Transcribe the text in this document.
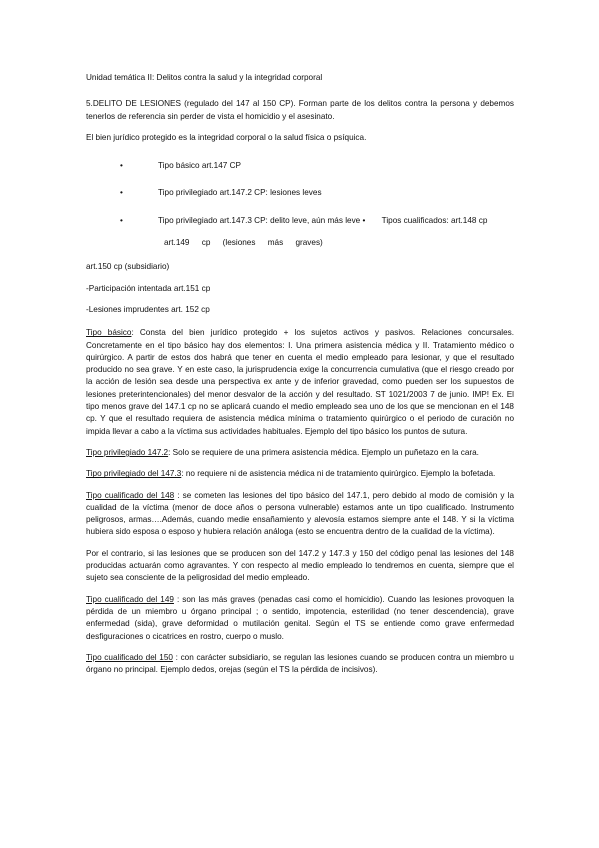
Unidad temática II: Delitos contra la salud y la integridad corporal

5.DELITO DE LESIONES (regulado del 147 al 150 CP). Forman parte de los delitos contra la persona y debemos tenerlos de referencia sin perder de vista el homicidio y el asesinato.

El bien jurídico protegido es la integridad corporal o la salud física o psíquica.

•	Tipo básico art.147 CP
•	Tipo privilegiado art.147.2 CP: lesiones leves
•	Tipo privilegiado art.147.3 CP: delito leve, aún más leve • Tipos cualificados: art.148 cp
art.149 cp (lesiones más graves)

art.150 cp (subsidiario)

-Participación intentada art.151 cp

-Lesiones imprudentes art. 152 cp

Tipo básico: Consta del bien jurídico protegido + los sujetos activos y pasivos. Relaciones concursales. Concretamente en el tipo básico hay dos elementos: I. Una primera asistencia médica y II. Tratamiento médico o quirúrgico. A partir de estos dos habrá que tener en cuenta el medio empleado para lesionar, y que el resultado producido no sea grave. Y en este caso, la jurisprudencia exige la concurrencia cumulativa (que el riesgo creado por la acción de lesión sea desde una perspectiva ex ante y de inferior gravedad, como pueden ser los supuestos de lesiones preterintencionales) del menor desvalor de la acción y del resultado. ST 1021/2003 7 de junio. IMP! Ex. El tipo menos grave del 147.1 cp no se aplicará cuando el medio empleado sea uno de los que se mencionan en el 148 cp. Y que el resultado requiera de asistencia médica mínima o tratamiento quirúrgico o el periodo de curación no impida llevar a cabo a la víctima sus actividades habituales. Ejemplo del tipo básico los puntos de sutura.

Tipo privilegiado 147.2: Solo se requiere de una primera asistencia médica. Ejemplo un puñetazo en la cara.

Tipo privilegiado del 147.3: no requiere ni de asistencia médica ni de tratamiento quirúrgico. Ejemplo la bofetada.

Tipo cualificado del 148 : se cometen las lesiones del tipo básico del 147.1, pero debido al modo de comisión y la cualidad de la víctima (menor de doce años o persona vulnerable) estamos ante un tipo cualificado. Instrumento peligrosos, armas….Además, cuando medie ensañamiento y alevosía estamos siempre ante el 148. Y si la víctima hubiera sido esposa o esposo y hubiera relación análoga (esto se encuentra dentro de la cualidad de la víctima).

Por el contrario, si las lesiones que se producen son del 147.2 y 147.3 y 150 del código penal las lesiones del 148 producidas actuarán como agravantes. Y con respecto al medio empleado lo tendremos en cuenta, siempre que el sujeto sea consciente de la peligrosidad del medio empleado.

Tipo cualificado del 149 : son las más graves (penadas casi como el homicidio). Cuando las lesiones provoquen la pérdida de un miembro u órgano principal ; o sentido, impotencia, esterilidad (no tener descendencia), grave enfermedad (sida), grave deformidad o mutilación genital. Según el TS se entiende como grave enfermedad desfiguraciones o cicatrices en rostro, cuerpo o muslo.

Tipo cualificado del 150 : con carácter subsidiario, se regulan las lesiones cuando se producen contra un miembro u órgano no principal. Ejemplo dedos, orejas (según el TS la pérdida de incisivos).
